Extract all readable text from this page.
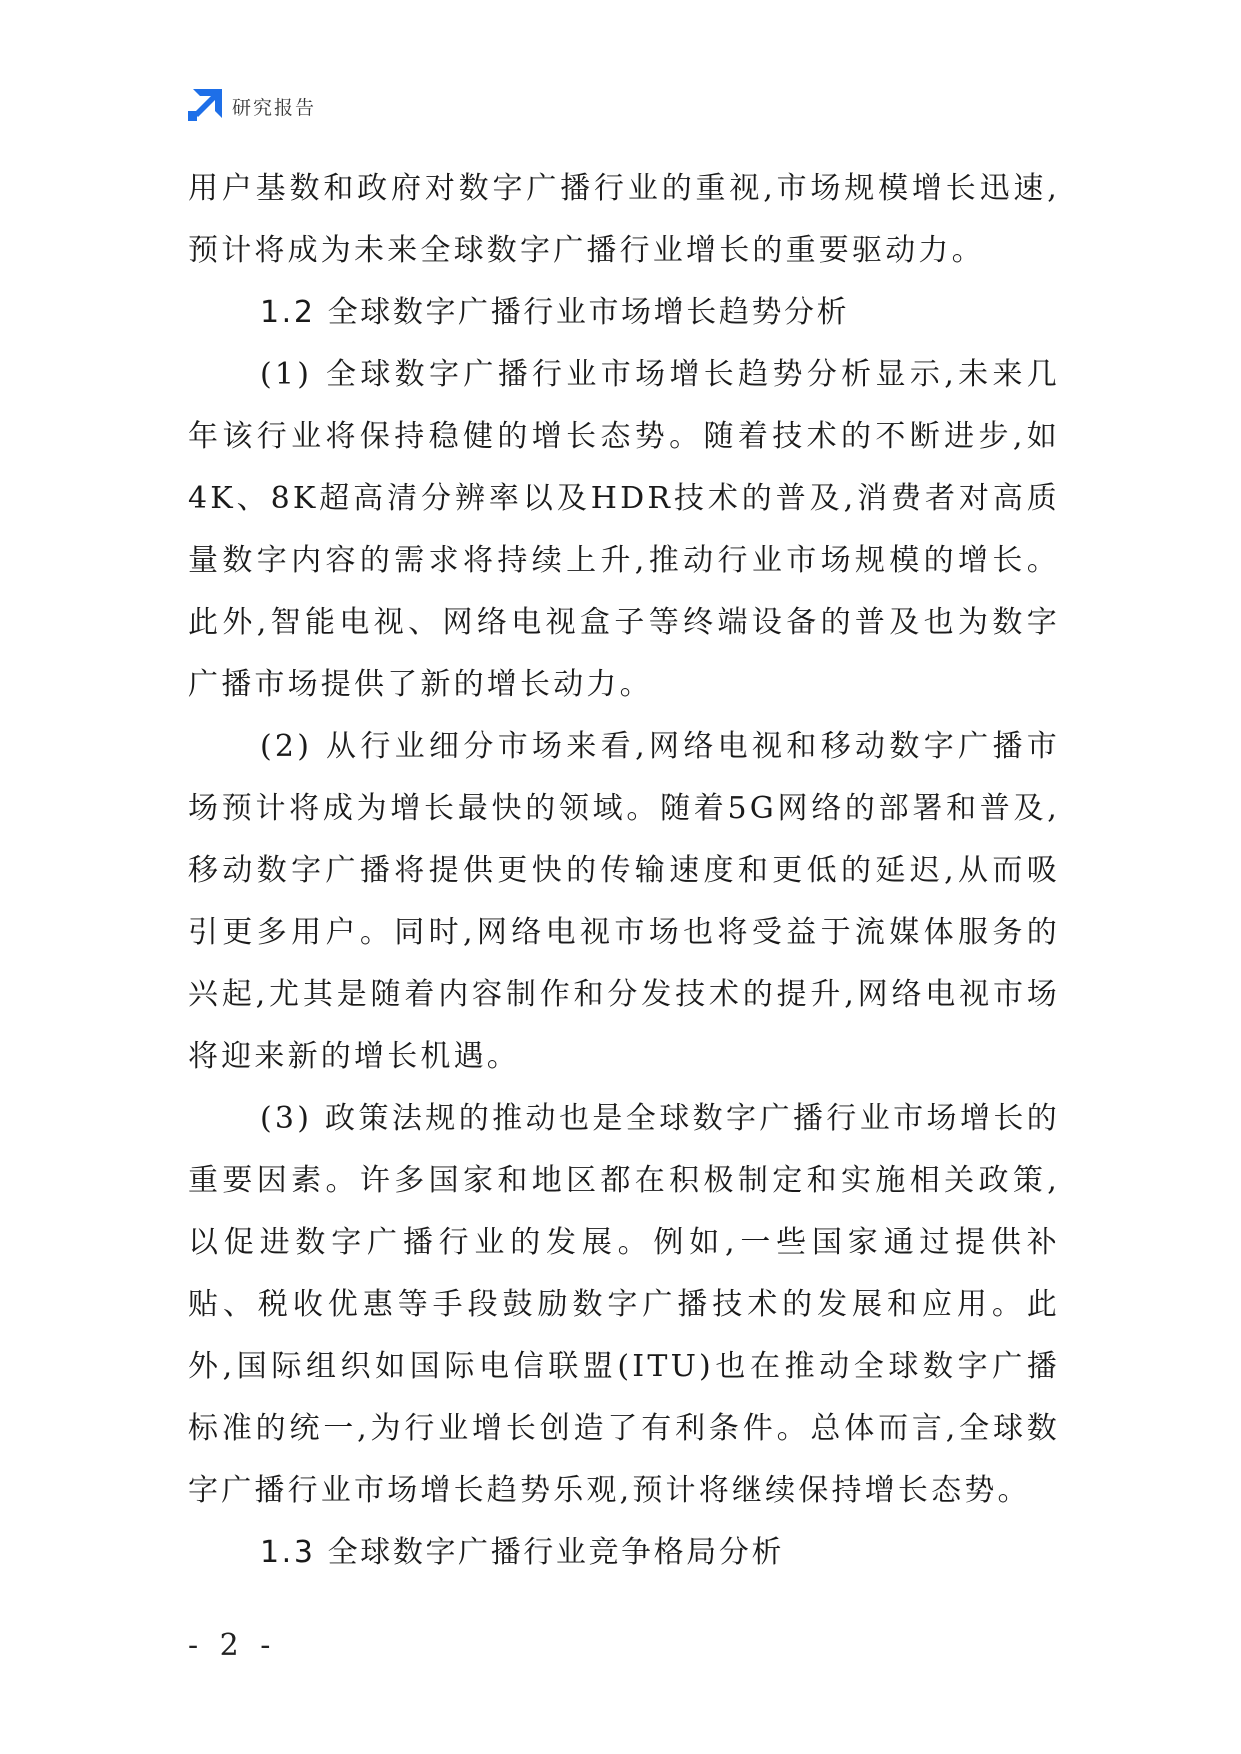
研究报告

用户基数和政府对数字广播行业的重视,市场规模增长迅速,预计将成为未来全球数字广播行业增长的重要驱动力。

1.2 全球数字广播行业市场增长趋势分析

(1) 全球数字广播行业市场增长趋势分析显示,未来几年该行业将保持稳健的增长态势。随着技术的不断进步,如4K、8K超高清分辨率以及HDR技术的普及,消费者对高质量数字内容的需求将持续上升,推动行业市场规模的增长。此外,智能电视、网络电视盒子等终端设备的普及也为数字广播市场提供了新的增长动力。

(2) 从行业细分市场来看,网络电视和移动数字广播市场预计将成为增长最快的领域。随着5G网络的部署和普及,移动数字广播将提供更快的传输速度和更低的延迟,从而吸引更多用户。同时,网络电视市场也将受益于流媒体服务的兴起,尤其是随着内容制作和分发技术的提升,网络电视市场将迎来新的增长机遇。

(3) 政策法规的推动也是全球数字广播行业市场增长的重要因素。许多国家和地区都在积极制定和实施相关政策,以促进数字广播行业的发展。例如,一些国家通过提供补贴、税收优惠等手段鼓励数字广播技术的发展和应用。此外,国际组织如国际电信联盟(ITU)也在推动全球数字广播标准的统一,为行业增长创造了有利条件。总体而言,全球数字广播行业市场增长趋势乐观,预计将继续保持增长态势。

1.3 全球数字广播行业竞争格局分析

- 2 -
